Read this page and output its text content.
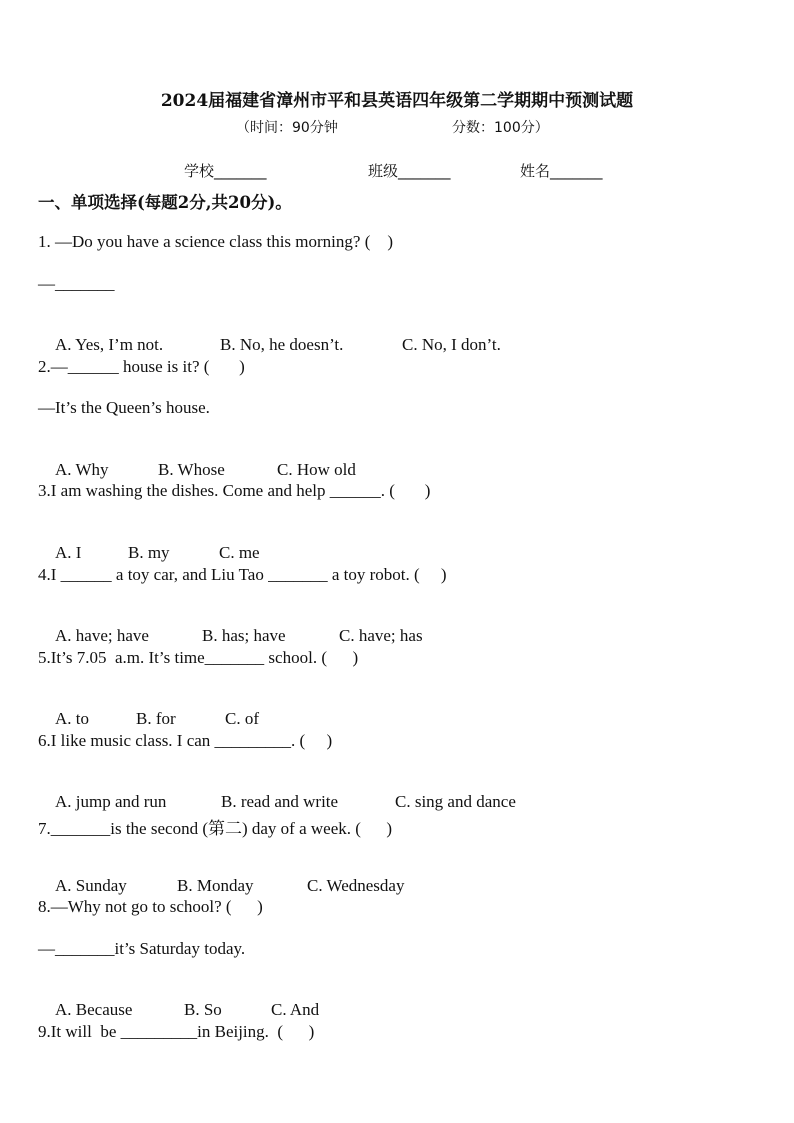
2024届福建省漳州市平和县英语四年级第二学期期中预测试题
（时间：90分钟	分数：100分）
学校_______	班级_______	姓名_______
一、单项选择(每题2分,共20分)。
1. —Do you have a science class this morning? (    )
—_______

A. Yes, I’m not.	B. No, he doesn’t.	C. No, I don’t.

2.—______ house is it? (       )
—It’s the Queen’s house.

A. Why	B. Whose	C. How old

3.I am washing the dishes. Come and help ______. (       )

A. I	B. my	C. me

4.I ______ a toy car, and Liu Tao _______ a toy robot. (     )

A. have; have	B. has; have	C. have; has

5.It’s 7.05  a.m. It’s time_______ school. (      )

A. to	B. for	C. of

6.I like music class. I can _________. (     )

A. jump and run	B. read and write	C. sing and dance

7._______is the second (第二) day of a week. (      )

A. Sunday	B. Monday	C. Wednesday

8.—Why not go to school? (      )
—_______it’s Saturday today.

A. Because	B. So	C. And

9.It will  be _________in Beijing.  (      )
